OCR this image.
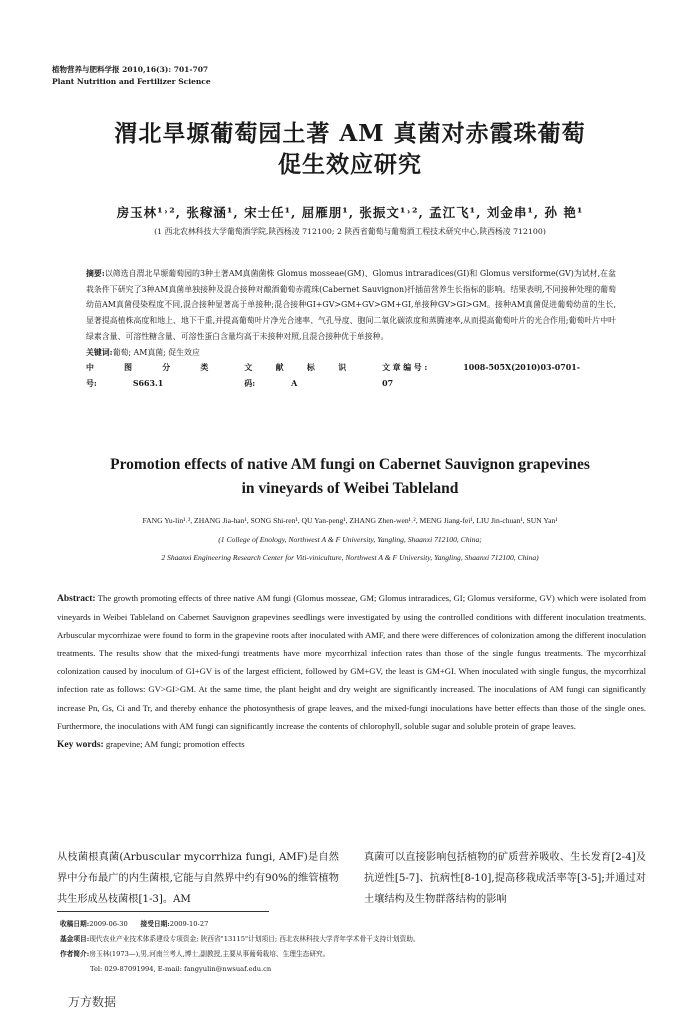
植物营养与肥料学报 2010,16(3): 701-707
Plant Nutrition and Fertilizer Science
渭北旱塬葡萄园土著 AM 真菌对赤霞珠葡萄
促生效应研究
房玉林¹˒², 张稼涵¹, 宋士任¹, 屈雁朋¹, 张振文¹˒², 孟江飞¹, 刘金串¹, 孙 艳¹
(1 西北农林科技大学葡萄酒学院,陕西杨凌 712100; 2 陕西省葡萄与葡萄酒工程技术研究中心,陕西杨凌 712100)
摘要:以筛选自渭北旱塬葡萄园的3种土著AM真菌菌株 Glomus mosseae(GM)、Glomus intraradices(GI)和 Glomus versiforme(GV)为试材,在盆栽条件下研究了3种AM真菌单独接种及混合接种对酿酒葡萄赤霞珠(Cabernet Sauvignon)扦插苗营养生长指标的影响。结果表明,不同接种处理的葡萄幼苗AM真菌侵染程度不同,混合接种显著高于单接种;混合接种GI+GV>GM+GV>GM+GI,单接种GV>GI>GM。接种AM真菌促进葡萄幼苗的生长,显著提高植株高度和地上、地下干重,并提高葡萄叶片净光合速率、气孔导度、胞间二氧化碳浓度和蒸腾速率,从而提高葡萄叶片的光合作用;葡萄叶片中叶绿素含量、可溶性糖含量、可溶性蛋白含量均高于未接种对照,且混合接种优于单接种。
关键词:葡萄; AM真菌; 促生效应
中图分类号:	S663.1
文献标识码:	A
文章编号:	1008-505X(2010)03-0701-07
Promotion effects of native AM fungi on Cabernet Sauvignon grapevines
in vineyards of Weibei Tableland
FANG Yu-lin¹˒², ZHANG Jia-han¹, SONG Shi-ren¹, QU Yan-peng¹, ZHANG Zhen-wen¹˒², MENG Jiang-fei¹, LIU Jin-chuan¹, SUN Yan¹
(1 College of Enology, Northwest A & F University, Yangling, Shaanxi 712100, China;
2 Shaanxi Engineering Research Center for Viti-viniculture, Northwest A & F University, Yangling, Shaanxi 712100, China)
Abstract: The growth promoting effects of three native AM fungi (Glomus mosseae, GM; Glomus intraradices, GI; Glomus versiforme, GV) which were isolated from vineyards in Weibei Tableland on Cabernet Sauvignon grapevines seedlings were investigated by using the controlled conditions with different inoculation treatments. Arbuscular mycorrhizae were found to form in the grapevine roots after inoculated with AMF, and there were differences of colonization among the different inoculation treatments. The results show that the mixed-fungi treatments have more mycorrhizal infection rates than those of the single fungus treatments. The mycorrhizal colonization caused by inoculum of GI+GV is of the largest efficient, followed by GM+GV, the least is GM+GI. When inoculated with single fungus, the mycorrhizal infection rate as follows: GV>GI>GM. At the same time, the plant height and dry weight are significantly increased. The inoculations of AM fungi can significantly increase Pn, Gs, Ci and Tr, and thereby enhance the photosynthesis of grape leaves, and the mixed-fungi inoculations have better effects than those of the single ones. Furthermore, the inoculations with AM fungi can significantly increase the contents of chlorophyll, soluble sugar and soluble protein of grape leaves.
Key words: grapevine; AM fungi; promotion effects
从枝菌根真菌(Arbuscular mycorrhiza fungi, AMF)是自然界中分布最广的内生菌根,它能与自然界中约有90%的维管植物共生形成丛枝菌根[1-3]。AM
真菌可以直接影响包括植物的矿质营养吸收、生长发育[2-4]及抗逆性[5-7]、抗病性[8-10],提高移栽成活率等[3-5];并通过对土壤结构及生物群落结构的影响
收稿日期:2009-06-30 接受日期:2009-10-27
基金项目:现代农业产业技术体系建设专项资金; 陕西省"13115"计划项目; 西北农林科技大学青年学术骨干支持计划资助。
作者简介:房玉林(1973—),男,河南兰考人,博士,副教授,主要从事葡萄栽培、生理生态研究。
Tel: 029-87091994, E-mail: fangyulin@nwsuaf.edu.cn
万方数据
